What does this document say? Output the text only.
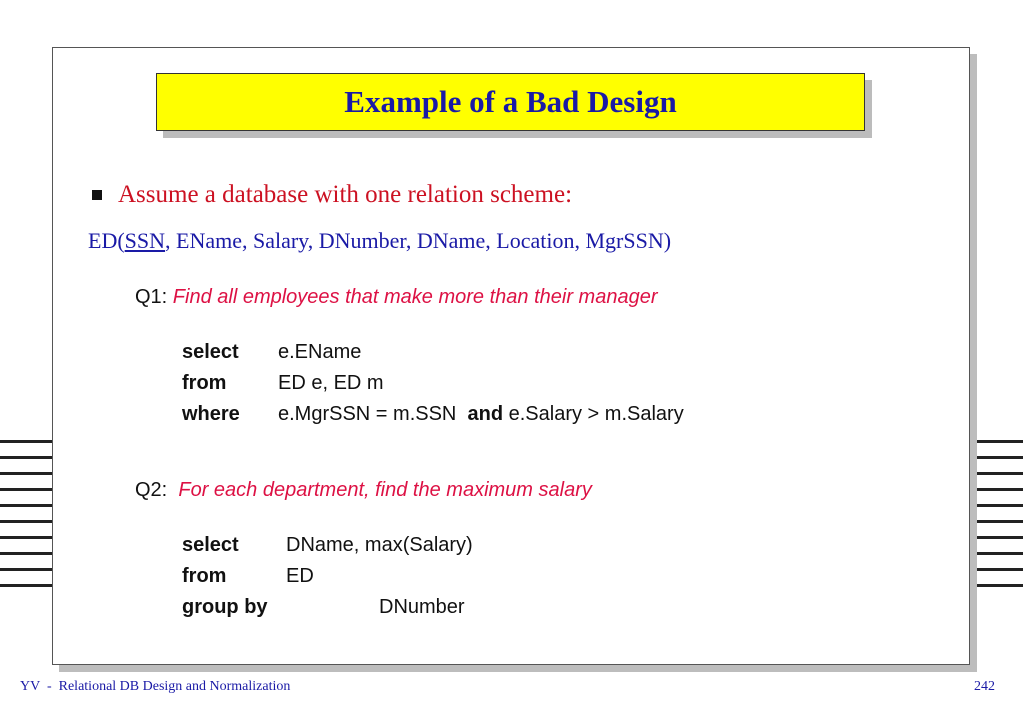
Example of a Bad Design
Assume a database with one relation scheme:
ED(SSN, EName, Salary, DNumber, DName, Location, MgrSSN)
Q1: Find all employees that make more than their manager
select	e.EName
from	ED e, ED m
where	e.MgrSSN = m.SSN and e.Salary > m.Salary
Q2:  For each department, find the maximum salary
select	DName, max(Salary)
from	ED
group by	DNumber
YV  -  Relational DB Design and Normalization	242
